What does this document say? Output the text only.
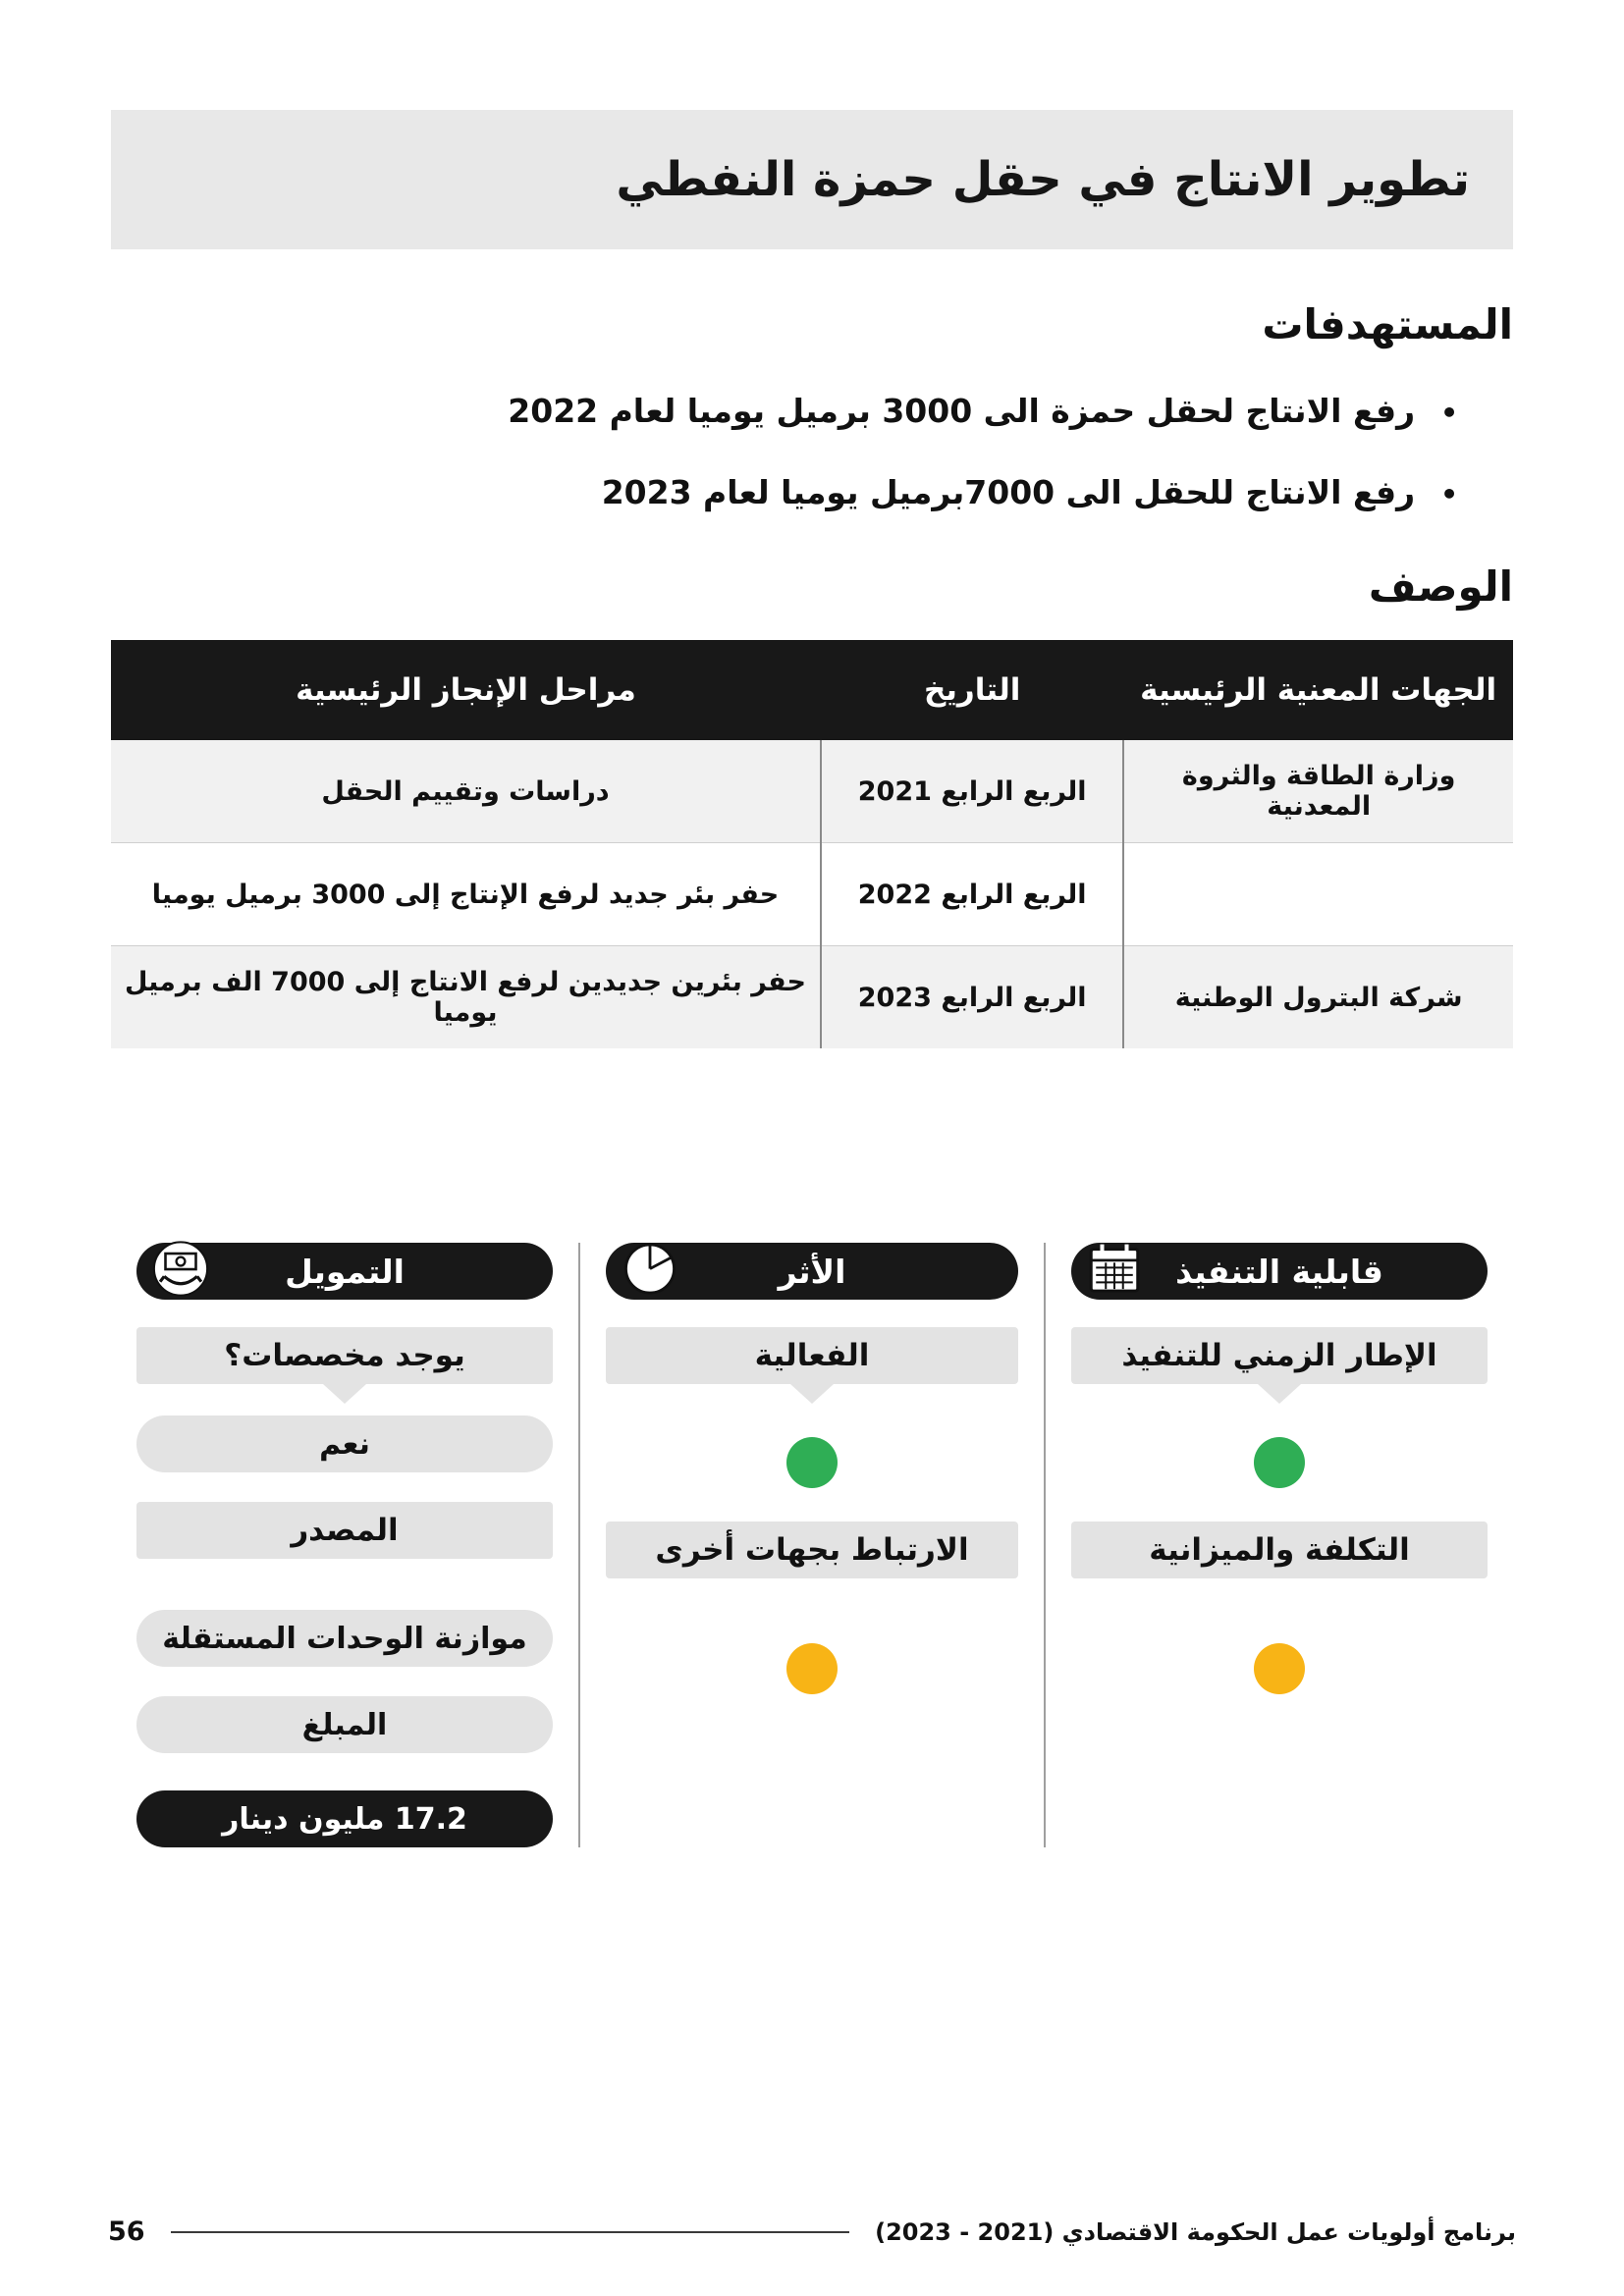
تطوير الانتاج في حقل حمزة النفطي
المستهدفات
•
رفع الانتاج لحقل حمزة الى 3000 برميل يوميا لعام 2022
•
رفع الانتاج للحقل الى 7000برميل يوميا لعام 2023
الوصف
الجهات المعنية الرئيسية	التاريخ	مراحل الإنجاز الرئيسية
وزارة الطاقة والثروة المعدنية	الربع الرابع 2021	دراسات وتقييم الحقل
	الربع الرابع 2022	حفر بئر جديد لرفع الإنتاج إلى 3000 برميل يوميا
شركة البترول الوطنية	الربع الرابع 2023	حفر بئرين جديدين لرفع الانتاج إلى 7000 الف برميل يوميا
قابلية التنفيذ
الإطار الزمني للتنفيذ
التكلفة والميزانية
الأثر
الفعالية
الارتباط بجهات أخرى
التمويل
يوجد مخصصات؟
نعم
المصدر
موازنة الوحدات المستقلة
المبلغ
17.2 مليون دينار
برنامج أولويات عمل الحكومة الاقتصادي (2021 - 2023)
56
